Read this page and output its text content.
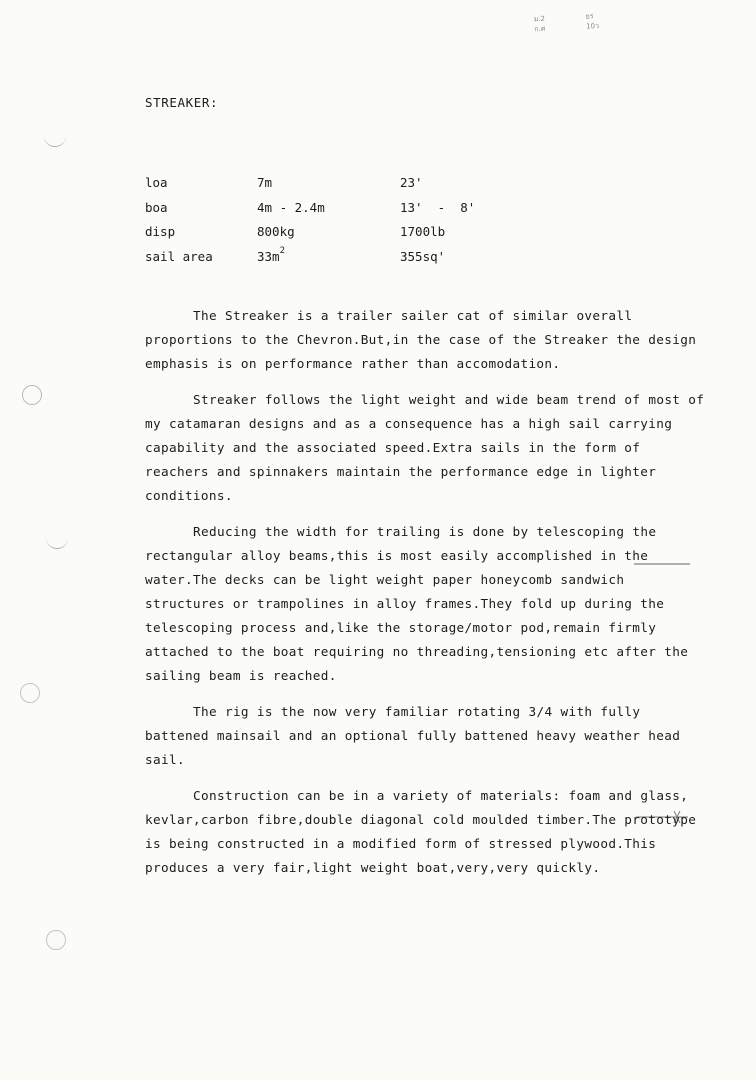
ม.2
ก.ศ
ยร
10ว
STREAKER:
loa	7m	23'
boa	4m - 2.4m	13'  -  8'
disp	800kg	1700lb
sail area	$33m^2$	355sq'

The Streaker is a trailer sailer cat of similar overall proportions to the Chevron.But,in the case of the Streaker the design emphasis is on performance rather than accomodation.

Streaker follows the light weight and wide beam trend of most of my catamaran designs and as a consequence has a high sail carrying capability and the associated speed.Extra sails in the form of reachers and spinnakers maintain the performance edge in lighter conditions.

Reducing the width for trailing is done by telescoping the rectangular alloy beams,this is most easily accomplished in the water.The decks can be light weight paper honeycomb sandwich structures or trampolines in alloy frames.They fold up during the telescoping process and,like the storage/motor pod,remain firmly attached to the boat requiring no threading,tensioning etc after the sailing beam is reached.

The rig is the now very familiar rotating 3/4 with fully battened mainsail and an optional fully battened heavy weather head sail.

Construction can be in a variety of materials: foam and glass, kevlar,carbon fibre,double diagonal cold moulded timber.The prototype is being constructed in a modified form of stressed plywood.This produces a very fair,light weight boat,very,very quickly.
